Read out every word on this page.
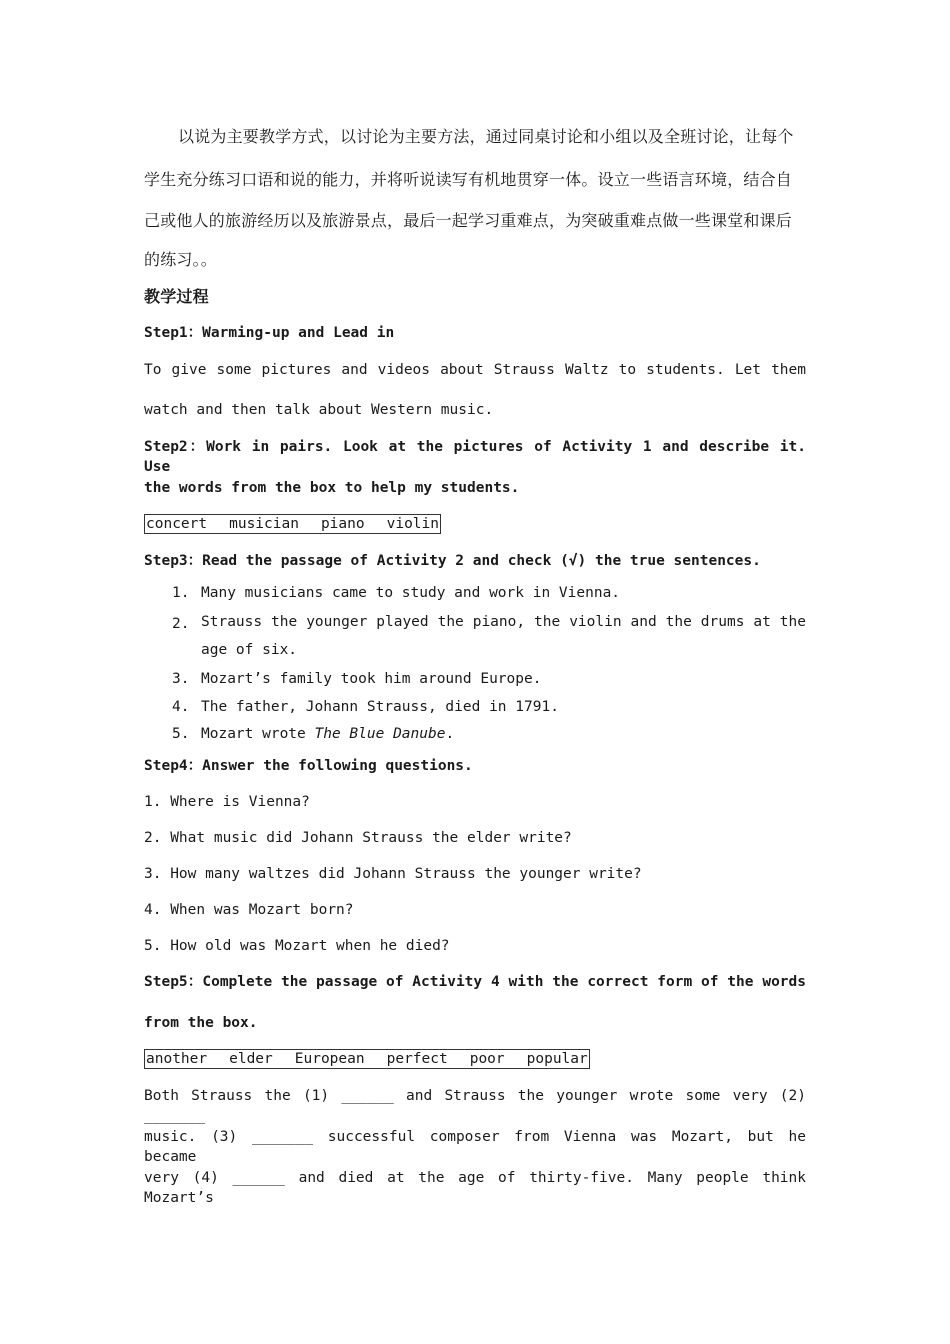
以说为主要教学方式，以讨论为主要方法，通过同桌讨论和小组以及全班讨论，让每个
学生充分练习口语和说的能力，并将听说读写有机地贯穿一体。设立一些语言环境，结合自
己或他人的旅游经历以及旅游景点，最后一起学习重难点，为突破重难点做一些课堂和课后
的练习。。
教学过程
Step1：Warming-up and Lead in
To give some pictures and videos about Strauss Waltz to students. Let them
watch and then talk about Western music.
Step2：Work in pairs. Look at the pictures of Activity 1 and describe it. Use
the words from the box to help my students.
concert musician piano violin
Step3：Read the passage of Activity 2 and check (√) the true sentences.
1. Many musicians came to study and work in Vienna.
2. Strauss the younger played the piano, the violin and the drums at the age of six.
3. Mozart’s family took him around Europe.
4. The father, Johann Strauss, died in 1791.
5. Mozart wrote The Blue Danube.
Step4：Answer the following questions.
1. Where is Vienna?
2. What music did Johann Strauss the elder write?
3. How many waltzes did Johann Strauss the younger write?
4. When was Mozart born?
5. How old was Mozart when he died?
Step5：Complete the passage of Activity 4 with the correct form of the words
from the box.
another elder European perfect poor popular
Both Strauss the (1) ______ and Strauss the younger wrote some very (2) _______
music. (3) _______ successful composer from Vienna was Mozart, but he became
very (4) ______ and died at the age of thirty-five. Many people think Mozart’s
